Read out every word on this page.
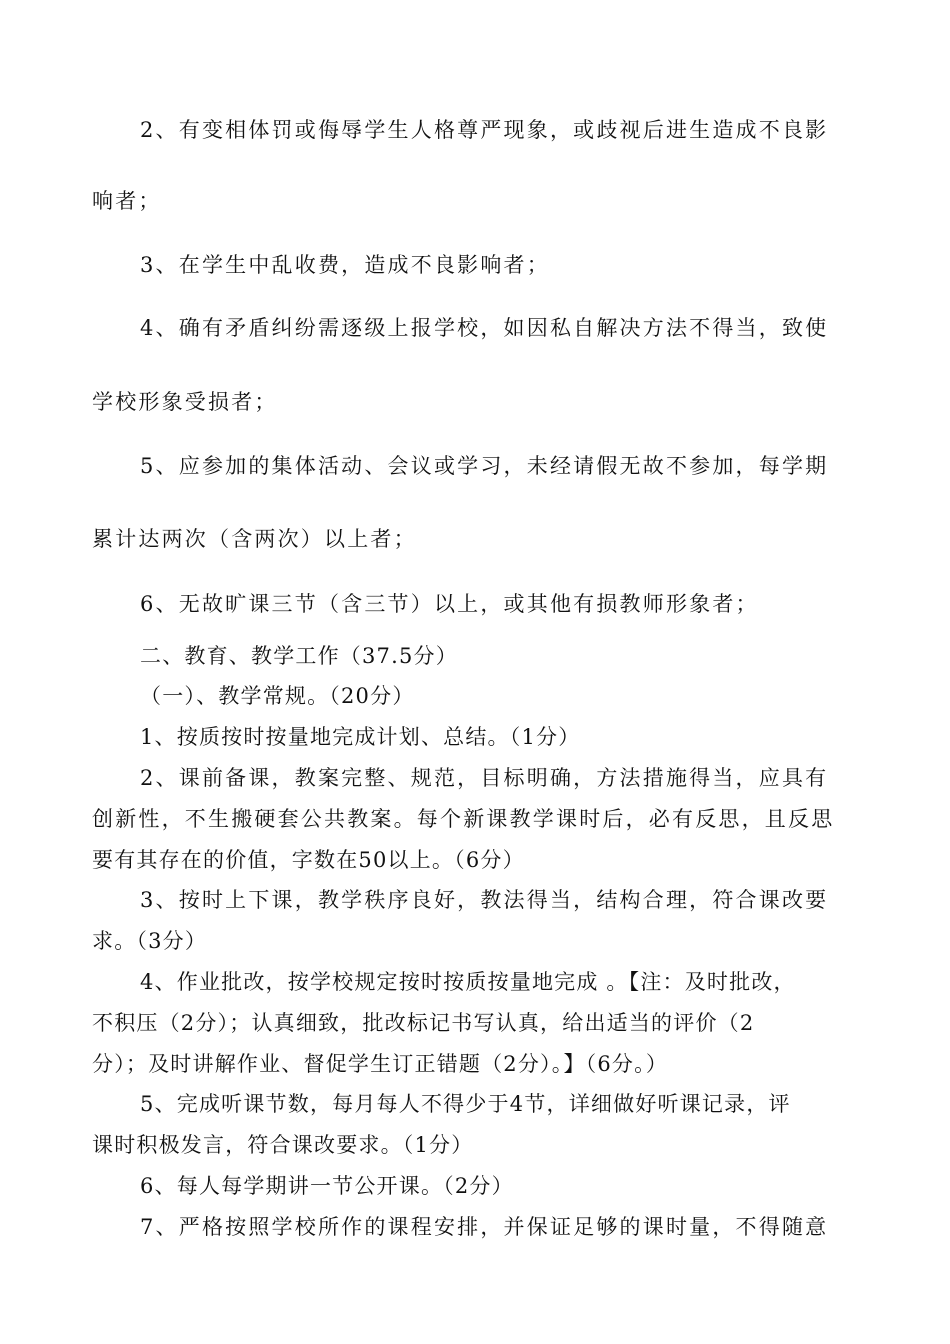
2、有变相体罚或侮辱学生人格尊严现象，或歧视后进生造成不良影
响者；
3、在学生中乱收费，造成不良影响者；
4、确有矛盾纠纷需逐级上报学校，如因私自解决方法不得当，致使
学校形象受损者；
5、应参加的集体活动、会议或学习，未经请假无故不参加，每学期
累计达两次（含两次）以上者；
6、无故旷课三节（含三节）以上，或其他有损教师形象者；
二、教育、教学工作（37.5分）
（一）、教学常规。（20分）
1、按质按时按量地完成计划、总结。（1分）
2、课前备课，教案完整、规范，目标明确，方法措施得当，应具有
创新性，不生搬硬套公共教案。每个新课教学课时后，必有反思，且反思
要有其存在的价值，字数在50以上。（6分）
3、按时上下课，教学秩序良好，教法得当，结构合理，符合课改要
求。（3分）
4、作业批改，按学校规定按时按质按量地完成 。【注：及时批改，
不积压（2分）；认真细致，批改标记书写认真，给出适当的评价（2
分）；及时讲解作业、督促学生订正错题（2分）。】（6分。）
5、完成听课节数，每月每人不得少于4节，详细做好听课记录，评
课时积极发言，符合课改要求。（1分）
6、每人每学期讲一节公开课。（2分）
7、严格按照学校所作的课程安排，并保证足够的课时量，不得随意
